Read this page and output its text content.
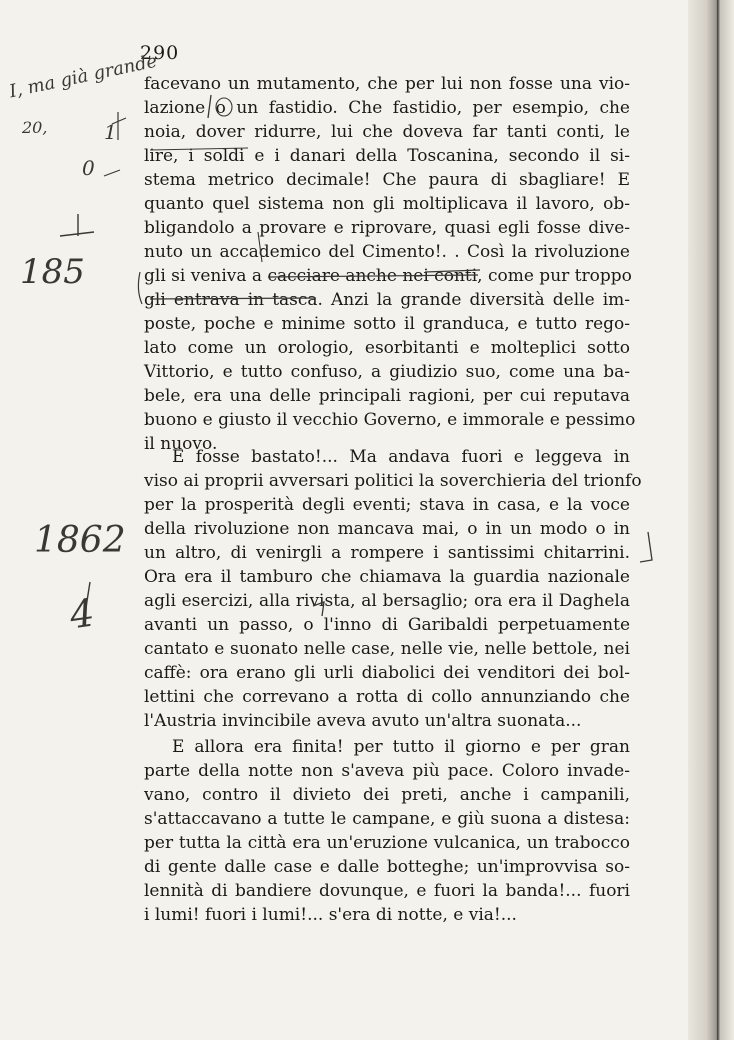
290
facevano un mutamento, che per lui non fosse una vio-
lazione o un fastidio. Che fastidio, per esempio, che
noia, dover ridurre, lui che doveva far tanti conti, le
lire, i soldi e i danari della Toscanina, secondo il si-
stema metrico decimale! Che paura di sbagliare! E
quanto quel sistema non gli moltiplicava il lavoro, ob-
bligandolo a provare e riprovare, quasi egli fosse dive-
nuto un accademico del Cimento!. . Così la rivoluzione
gli si veniva a cacciare anche nei conti, come pur troppo
gli entrava in tasca. Anzi la grande diversità delle im-
poste, poche e minime sotto il granduca, e tutto rego-
lato come un orologio, esorbitanti e molteplici sotto
Vittorio, e tutto confuso, a giudizio suo, come una ba-
bele, era una delle principali ragioni, per cui reputava
buono e giusto il vecchio Governo, e immorale e pessimo
il nuovo.
E fosse bastato!... Ma andava fuori e leggeva in
viso ai proprii avversari politici la soverchieria del trionfo
per la prosperità degli eventi; stava in casa, e la voce
della rivoluzione non mancava mai, o in un modo o in
un altro, di venirgli a rompere i santissimi chitarrini.
Ora era il tamburo che chiamava la guardia nazionale
agli esercizi, alla rivista, al bersaglio; ora era il Daghela
avanti un passo, o l'inno di Garibaldi perpetuamente
cantato e suonato nelle case, nelle vie, nelle bettole, nei
caffè: ora erano gli urli diabolici dei venditori dei bol-
lettini che correvano a rotta di collo annunziando che
l'Austria invincibile aveva avuto un'altra suonata...
E allora era finita! per tutto il giorno e per gran
parte della notte non s'aveva più pace. Coloro invade-
vano, contro il divieto dei preti, anche i campanili,
s'attaccavano a tutte le campane, e giù suona a distesa:
per tutta la città era un'eruzione vulcanica, un trabocco
di gente dalle case e dalle botteghe; un'improvvisa so-
lennità di bandiere dovunque, e fuori la banda!... fuori
i lumi! fuori i lumi!... s'era di notte, e via!...
I, ma già grande
20,	1
0
185
1862
4
